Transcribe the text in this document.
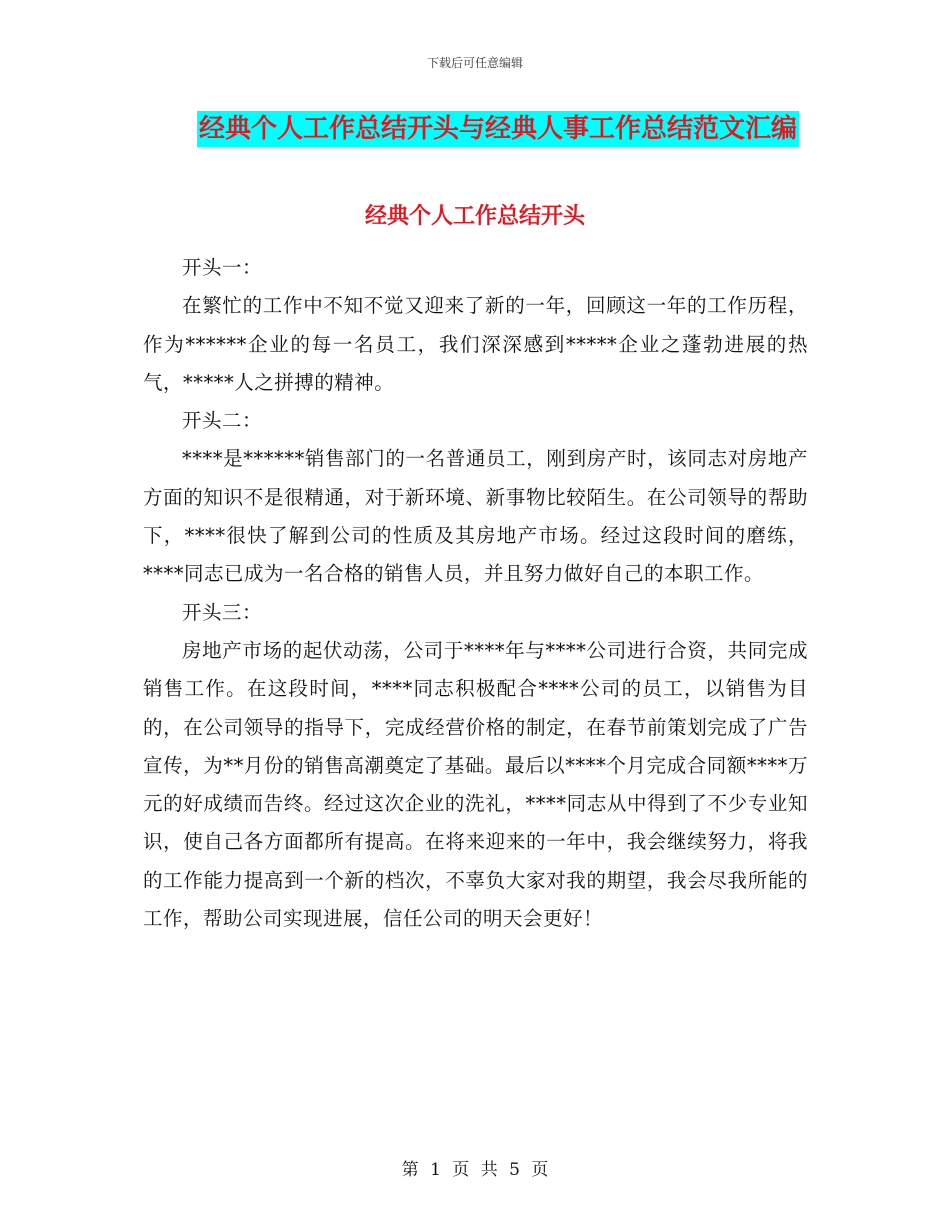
下载后可任意编辑
经典个人工作总结开头与经典人事工作总结范文汇编
经典个人工作总结开头

开头一：

在繁忙的工作中不知不觉又迎来了新的一年，回顾这一年的工作历程，作为******企业的每一名员工，我们深深感到*****企业之蓬勃进展的热气，*****人之拼搏的精神。

开头二：

****是******销售部门的一名普通员工，刚到房产时，该同志对房地产方面的知识不是很精通，对于新环境、新事物比较陌生。在公司领导的帮助下，****很快了解到公司的性质及其房地产市场。经过这段时间的磨练，****同志已成为一名合格的销售人员，并且努力做好自己的本职工作。

开头三：

房地产市场的起伏动荡，公司于****年与****公司进行合资，共同完成销售工作。在这段时间，****同志积极配合****公司的员工，以销售为目的，在公司领导的指导下，完成经营价格的制定，在春节前策划完成了广告宣传，为**月份的销售高潮奠定了基础。最后以****个月完成合同额****万元的好成绩而告终。经过这次企业的洗礼，****同志从中得到了不少专业知识，使自己各方面都所有提高。在将来迎来的一年中，我会继续努力，将我的工作能力提高到一个新的档次，不辜负大家对我的期望，我会尽我所能的工作，帮助公司实现进展，信任公司的明天会更好！

第 1 页 共 5 页
